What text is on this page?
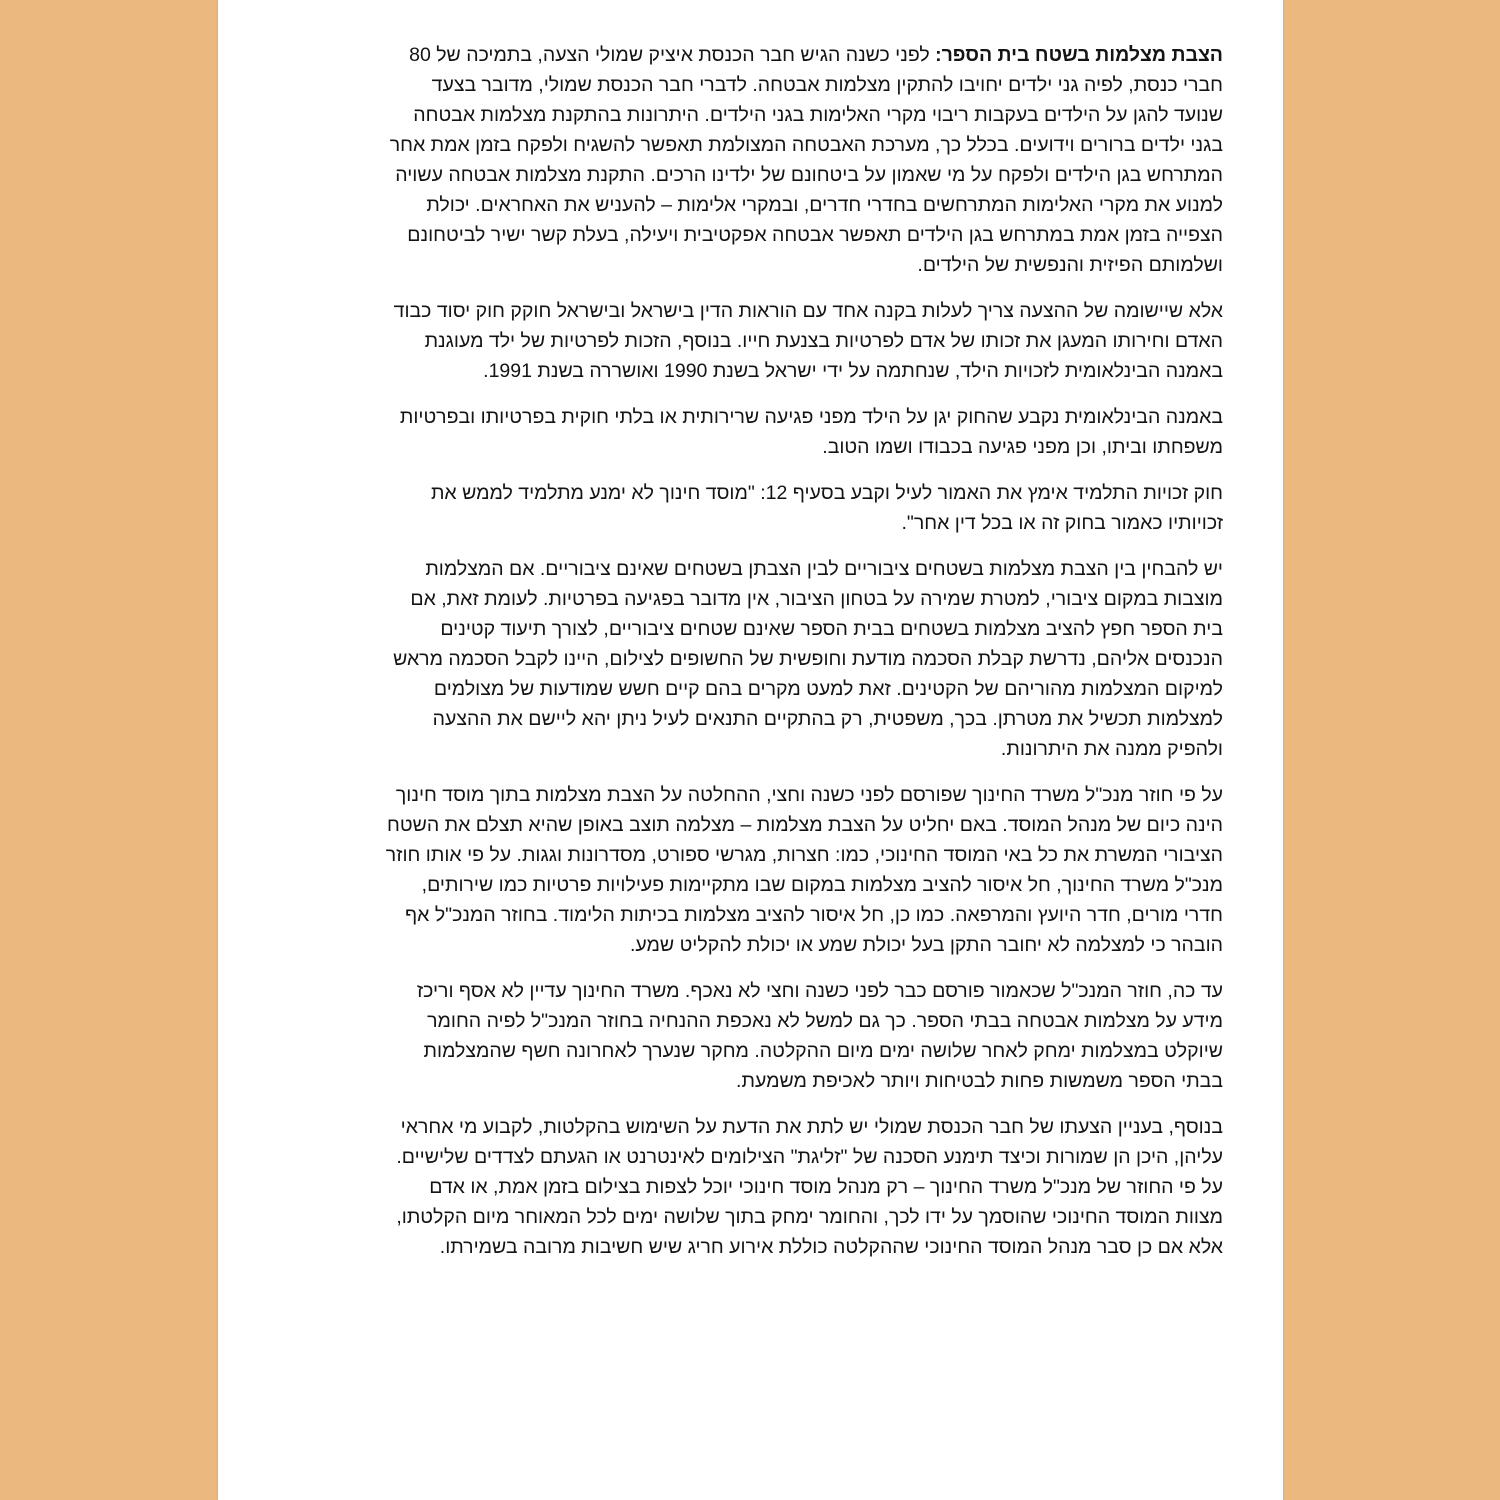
הצבת מצלמות בשטח בית הספר: לפני כשנה הגיש חבר הכנסת איציק שמולי הצעה, בתמיכה של 80 חברי כנסת, לפיה גני ילדים יחויבו להתקין מצלמות אבטחה. לדברי חבר הכנסת שמולי, מדובר בצעד שנועד להגן על הילדים בעקבות ריבוי מקרי האלימות בגני הילדים. היתרונות בהתקנת מצלמות אבטחה בגני ילדים ברורים וידועים. בכלל כך, מערכת האבטחה המצולמת תאפשר להשגיח ולפקח בזמן אמת אחר המתרחש בגן הילדים ולפקח על מי שאמון על ביטחונם של ילדינו הרכים. התקנת מצלמות אבטחה עשויה למנוע את מקרי האלימות המתרחשים בחדרי חדרים, ובמקרי אלימות – להעניש את האחראים. יכולת הצפייה בזמן אמת במתרחש בגן הילדים תאפשר אבטחה אפקטיבית ויעילה, בעלת קשר ישיר לביטחונם ושלמותם הפיזית והנפשית של הילדים.

אלא שיישומה של ההצעה צריך לעלות בקנה אחד עם הוראות הדין בישראל ובישראל חוקק חוק יסוד כבוד האדם וחירותו המעגן את זכותו של אדם לפרטיות בצנעת חייו. בנוסף, הזכות לפרטיות של ילד מעוגנת באמנה הבינלאומית לזכויות הילד, שנחתמה על ידי ישראל בשנת 1990 ואושררה בשנת 1991.

באמנה הבינלאומית נקבע שהחוק יגן על הילד מפני פגיעה שרירותית או בלתי חוקית בפרטיותו ובפרטיות משפחתו וביתו, וכן מפני פגיעה בכבודו ושמו הטוב.

חוק זכויות התלמיד אימץ את האמור לעיל וקבע בסעיף 12: "מוסד חינוך לא ימנע מתלמיד לממש את זכויותיו כאמור בחוק זה או בכל דין אחר".

יש להבחין בין הצבת מצלמות בשטחים ציבוריים לבין הצבתן בשטחים שאינם ציבוריים. אם המצלמות מוצבות במקום ציבורי, למטרת שמירה על בטחון הציבור, אין מדובר בפגיעה בפרטיות. לעומת זאת, אם בית הספר חפץ להציב מצלמות בשטחים בבית הספר שאינם שטחים ציבוריים, לצורך תיעוד קטינים הנכנסים אליהם, נדרשת קבלת הסכמה מודעת וחופשית של החשופים לצילום, היינו לקבל הסכמה מראש למיקום המצלמות מהוריהם של הקטינים. זאת למעט מקרים בהם קיים חשש שמודעות של מצולמים למצלמות תכשיל את מטרתן. בכך, משפטית, רק בהתקיים התנאים לעיל ניתן יהא ליישם את ההצעה ולהפיק ממנה את היתרונות.

על פי חוזר מנכ"ל משרד החינוך שפורסם לפני כשנה וחצי, ההחלטה על הצבת מצלמות בתוך מוסד חינוך הינה כיום של מנהל המוסד. באם יחליט על הצבת מצלמות – מצלמה תוצב באופן שהיא תצלם את השטח הציבורי המשרת את כל באי המוסד החינוכי, כמו: חצרות, מגרשי ספורט, מסדרונות וגגות. על פי אותו חוזר מנכ"ל משרד החינוך, חל איסור להציב מצלמות במקום שבו מתקיימות פעילויות פרטיות כמו שירותים, חדרי מורים, חדר היועץ והמרפאה. כמו כן, חל איסור להציב מצלמות בכיתות הלימוד. בחוזר המנכ"ל אף הובהר כי למצלמה לא יחובר התקן בעל יכולת שמע או יכולת להקליט שמע.

עד כה, חוזר המנכ"ל שכאמור פורסם כבר לפני כשנה וחצי לא נאכף. משרד החינוך עדיין לא אסף וריכז מידע על מצלמות אבטחה בבתי הספר. כך גם למשל לא נאכפת ההנחיה בחוזר המנכ"ל לפיה החומר שיוקלט במצלמות ימחק לאחר שלושה ימים מיום ההקלטה. מחקר שנערך לאחרונה חשף שהמצלמות בבתי הספר משמשות פחות לבטיחות ויותר לאכיפת משמעת.

בנוסף, בעניין הצעתו של חבר הכנסת שמולי יש לתת את הדעת על השימוש בהקלטות, לקבוע מי אחראי עליהן, היכן הן שמורות וכיצד תימנע הסכנה של "זליגת" הצילומים לאינטרנט או הגעתם לצדדים שלישיים. על פי החוזר של מנכ"ל משרד החינוך – רק מנהל מוסד חינוכי יוכל לצפות בצילום בזמן אמת, או אדם מצוות המוסד החינוכי שהוסמך על ידו לכך, והחומר ימחק בתוך שלושה ימים לכל המאוחר מיום הקלטתו, אלא אם כן סבר מנהל המוסד החינוכי שההקלטה כוללת אירוע חריג שיש חשיבות מרובה בשמירתו.
